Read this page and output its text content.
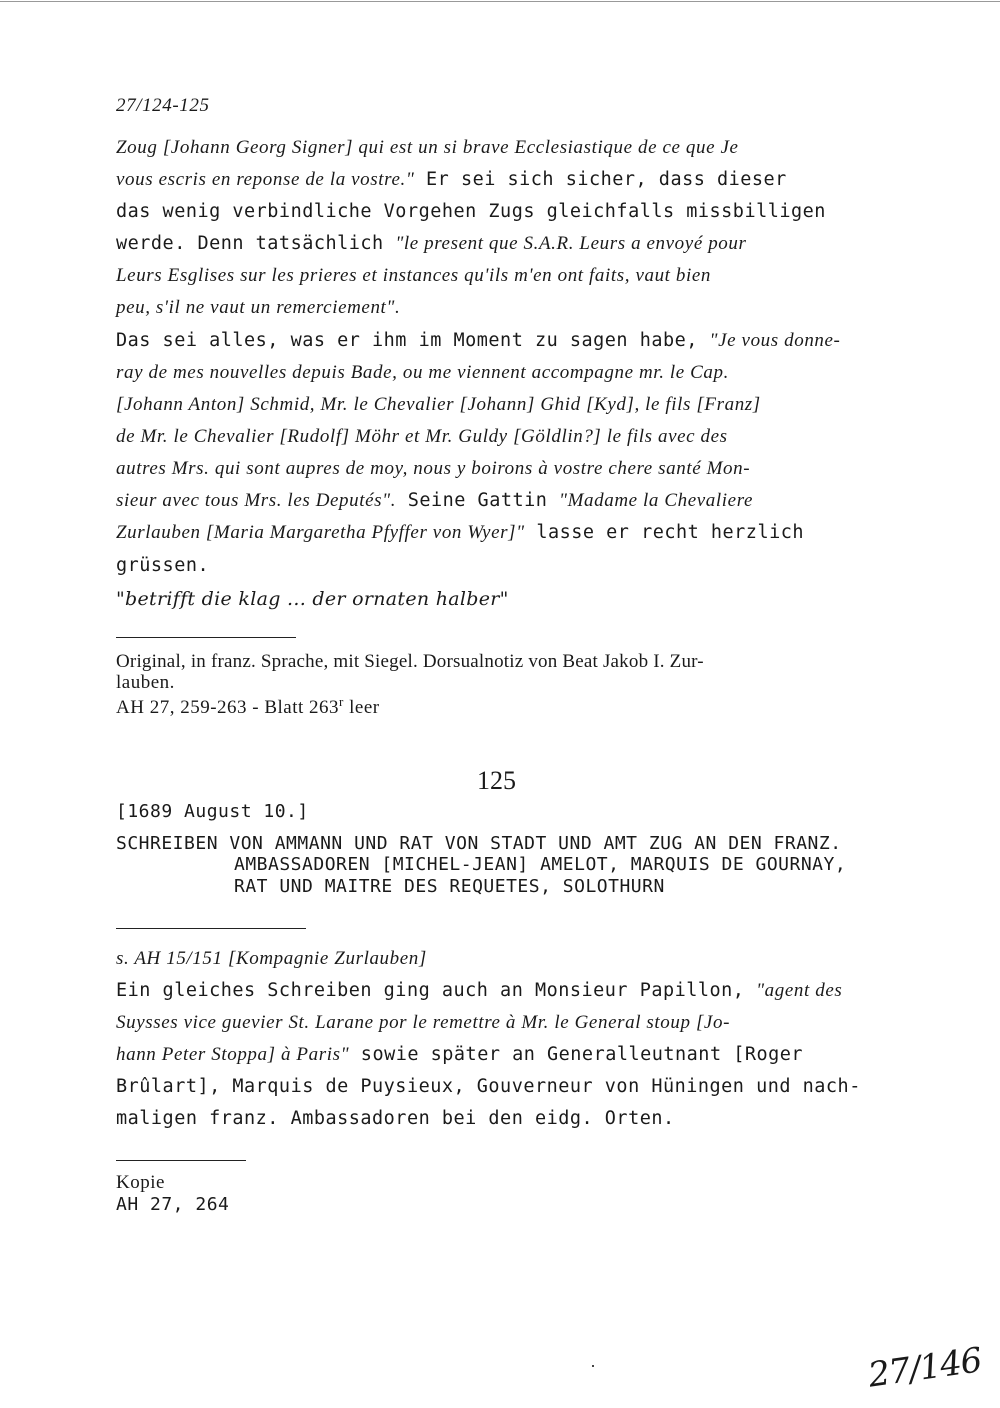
27/124-125
Zoug [Johann Georg Signer] qui est un si brave Ecclesiastique de ce que Je
vous escris en reponse de la vostre." Er sei sich sicher, dass dieser
das wenig verbindliche Vorgehen Zugs gleichfalls missbilligen
werde. Denn tatsächlich "le present que S.A.R. Leurs a envoyé pour
Leurs Esglises sur les prieres et instances qu'ils m'en ont faits, vaut bien
peu, s'il ne vaut un remerciement".
Das sei alles, was er ihm im Moment zu sagen habe, "Je vous donne-
ray de mes nouvelles depuis Bade, ou me viennent accompagne mr. le Cap.
[Johann Anton] Schmid, Mr. le Chevalier [Johann] Ghid [Kyd], le fils [Franz]
de Mr. le Chevalier [Rudolf] Möhr et Mr. Guldy [Göldlin?] le fils avec des
autres Mrs. qui sont aupres de moy, nous y boirons à vostre chere santé Mon-
sieur avec tous Mrs. les Deputés". Seine Gattin "Madame la Chevaliere
Zurlauben [Maria Margaretha Pfyffer von Wyer]" lasse er recht herzlich
grüssen.
"betrifft die klag ... der ornaten halber"
Original, in franz. Sprache, mit Siegel. Dorsualnotiz von Beat Jakob I. Zur-
lauben.
AH 27, 259-263 - Blatt 263$^r$ leer
125
[1689 August 10.]
SCHREIBEN VON AMMANN UND RAT VON STADT UND AMT ZUG AN DEN FRANZ.
AMBASSADOREN [MICHEL-JEAN] AMELOT, MARQUIS DE GOURNAY,
RAT UND MAITRE DES REQUETES, SOLOTHURN
s. AH 15/151 [Kompagnie Zurlauben]
Ein gleiches Schreiben ging auch an Monsieur Papillon, "agent des
Suysses vice guevier St. Larane por le remettre à Mr. le General stoup [Jo-
hann Peter Stoppa] à Paris" sowie später an Generalleutnant [Roger
Brûlart], Marquis de Puysieux, Gouverneur von Hüningen und nach-
maligen franz. Ambassadoren bei den eidg. Orten.
Kopie
AH 27, 264
27/146
